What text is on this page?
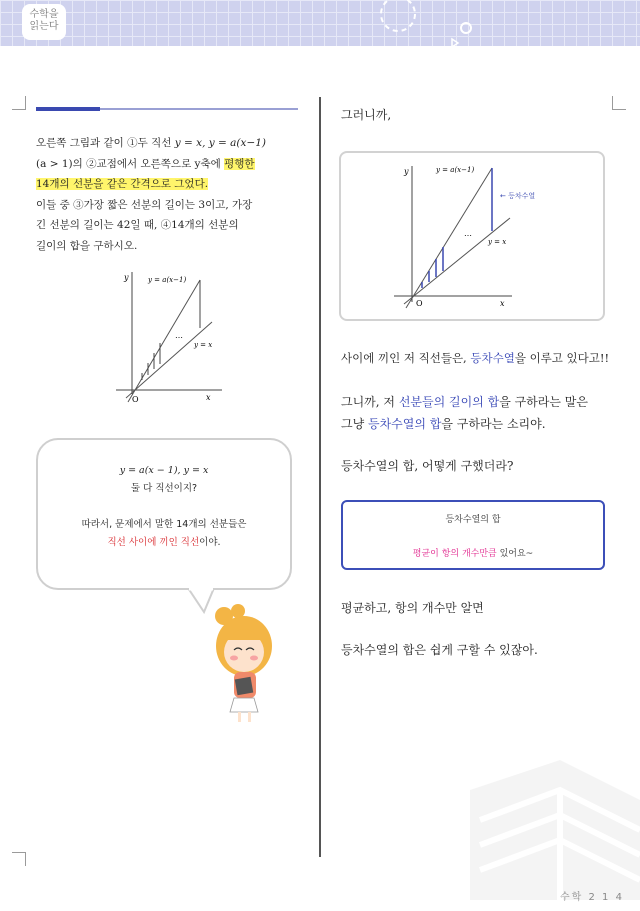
수학을
읽는다
오른쪽 그림과 같이 ①두 직선 y = x, y = a(x−1)
(a > 1)의 ②교점에서 오른쪽으로 y축에 평행한
14개의 선분을 같은 간격으로 그었다.
이들 중 ③가장 짧은 선분의 길이는 3이고, 가장
긴 선분의 길이는 42일 때, ④14개의 선분의
길이의 합을 구하시오.
y
x
O
y = a(x−1)
y = x
…
y = a(x − 1), y = x
둘 다 직선이지?
따라서, 문제에서 말한 14개의 선분들은
직선 사이에 끼인 직선이야.
그러니까,
y
x
O
y = a(x−1)
y = x
← 등차수열
…
사이에 끼인 저 직선들은, 등차수열을 이루고 있다고!!
그니까, 저 선분들의 길이의 합을 구하라는 말은
그냥 등차수열의 합을 구하라는 소리야.
등차수열의 합, 어떻게 구했더라?
등차수열의 합
평균이 항의 개수만큼 있어요~
평균하고, 항의 개수만 알면
등차수열의 합은 쉽게 구할 수 있잖아.
수학 2 1 4
